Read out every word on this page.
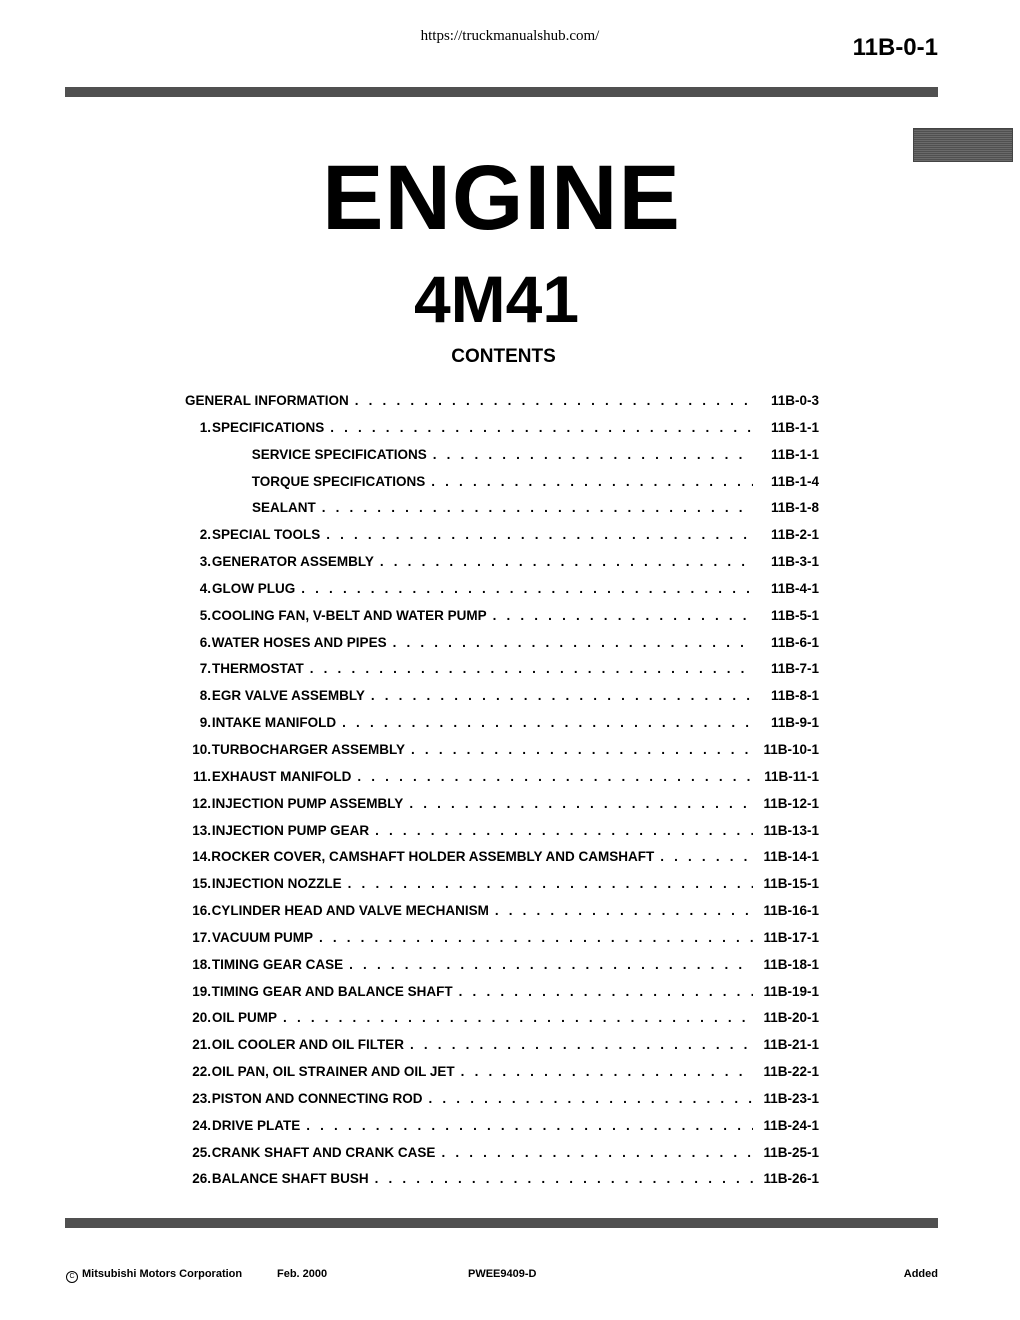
https://truckmanualshub.com/	11B-0-1
ENGINE
4M41
CONTENTS
GENERAL INFORMATION . . .	11B-0-3
1. SPECIFICATIONS . . .	11B-1-1
SERVICE SPECIFICATIONS . . .	11B-1-1
TORQUE SPECIFICATIONS . . .	11B-1-4
SEALANT . . .	11B-1-8
2. SPECIAL TOOLS . . .	11B-2-1
3. GENERATOR ASSEMBLY . . .	11B-3-1
4. GLOW PLUG . . .	11B-4-1
5. COOLING FAN, V-BELT AND WATER PUMP . . .	11B-5-1
6. WATER HOSES AND PIPES . . .	11B-6-1
7. THERMOSTAT . . .	11B-7-1
8. EGR VALVE ASSEMBLY . . .	11B-8-1
9. INTAKE MANIFOLD . . .	11B-9-1
10. TURBOCHARGER ASSEMBLY . . .	11B-10-1
11. EXHAUST MANIFOLD . . .	11B-11-1
12. INJECTION PUMP ASSEMBLY . . .	11B-12-1
13. INJECTION PUMP GEAR . . .	11B-13-1
14. ROCKER COVER, CAMSHAFT HOLDER ASSEMBLY AND CAMSHAFT . . .	11B-14-1
15. INJECTION NOZZLE . . .	11B-15-1
16. CYLINDER HEAD AND VALVE MECHANISM . . .	11B-16-1
17. VACUUM PUMP . . .	11B-17-1
18. TIMING GEAR CASE . . .	11B-18-1
19. TIMING GEAR AND BALANCE SHAFT . . .	11B-19-1
20. OIL PUMP . . .	11B-20-1
21. OIL COOLER AND OIL FILTER . . .	11B-21-1
22. OIL PAN, OIL STRAINER AND OIL JET . . .	11B-22-1
23. PISTON AND CONNECTING ROD . . .	11B-23-1
24. DRIVE PLATE . . .	11B-24-1
25. CRANK SHAFT AND CRANK CASE . . .	11B-25-1
26. BALANCE SHAFT BUSH . . .	11B-26-1
C Mitsubishi Motors Corporation	Feb. 2000	PWEE9409-D	Added
